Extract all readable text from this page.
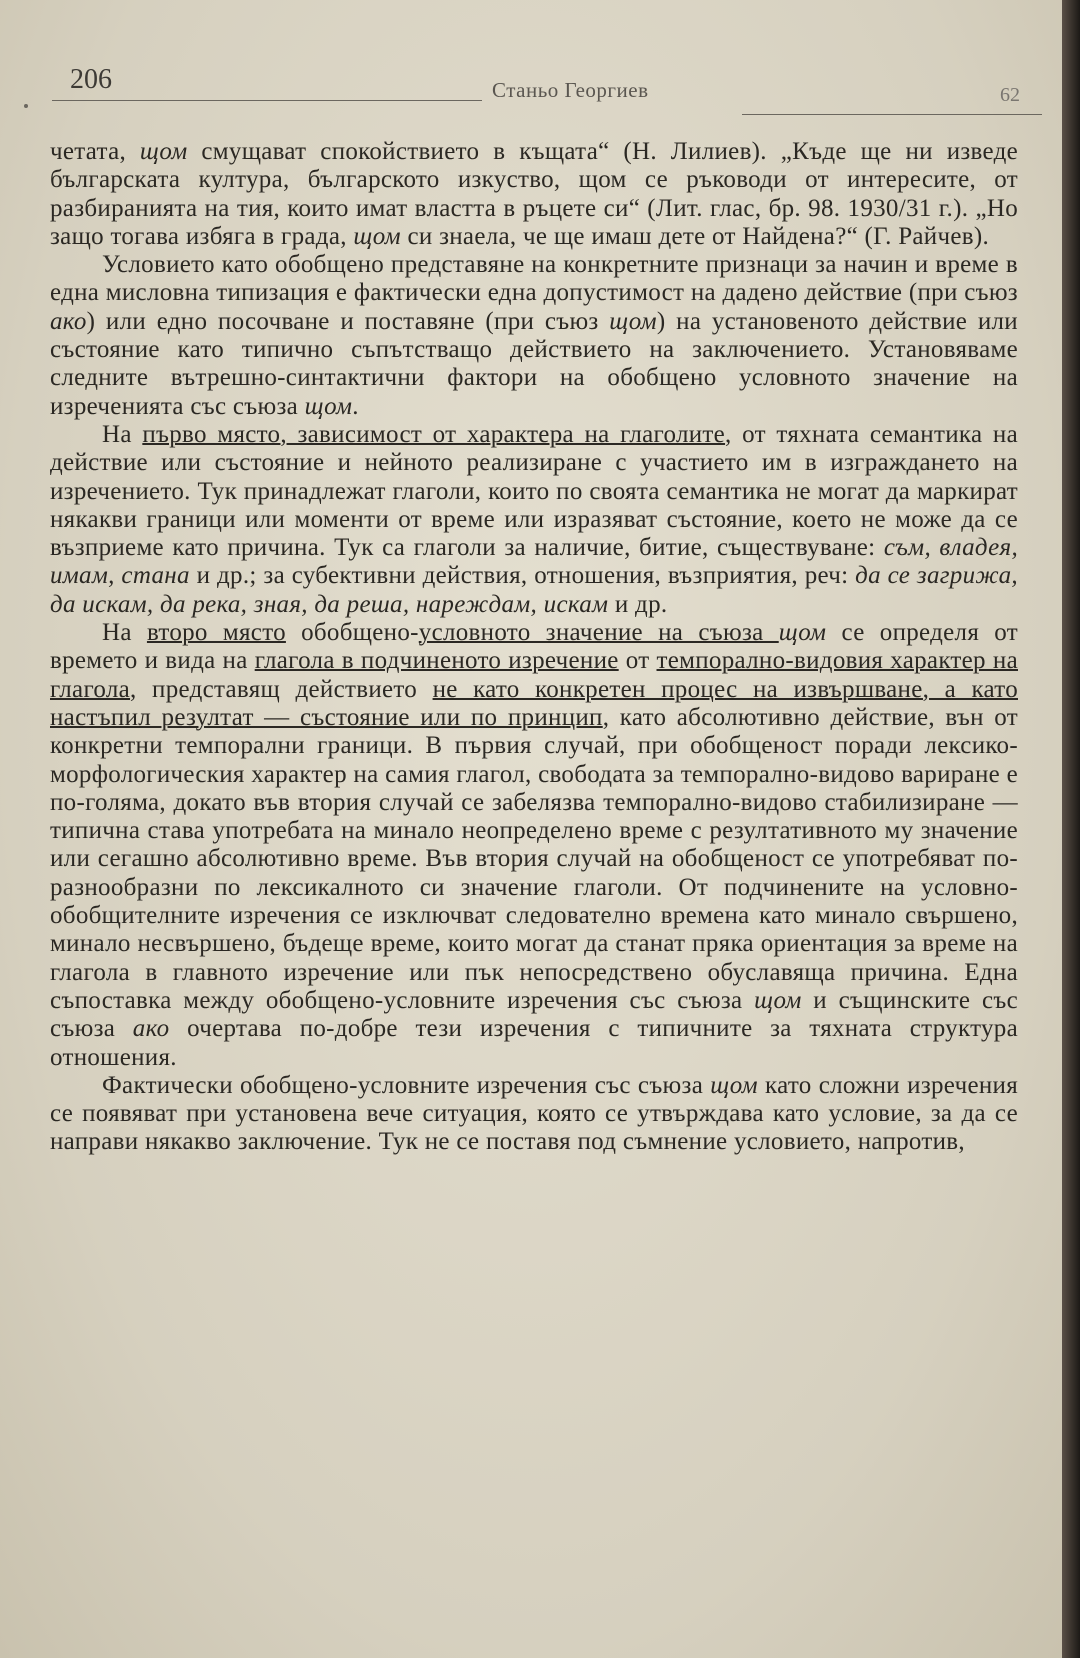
206	Станьо Георгиев	62

четата, щом смущават спокойствието в къщата“ (Н. Лилиев). „Къде ще ни изведе българската култура, българското изкуство, щом се ръководи от интересите, от разбиранията на тия, които имат властта в ръцете си“ (Лит. глас, бр. 98. 1930/31 г.). „Но защо тогава избяга в града, щом си знаела, че ще имаш дете от Найдена?“ (Г. Райчев).

Условието като обобщено представяне на конкретните признаци за начин и време в една мисловна типизация е фактически една допустимост на дадено действие (при съюз ако) или едно посочване и поставяне (при съюз щом) на установеното действие или състояние като типично съпътстващо действието на заключението. Установяваме следните вътрешно-синтактични фактори на обобщено условното значение на изреченията със съюза щом.

На първо място, зависимост от характера на глаголите, от тяхната семантика на действие или състояние и нейното реализиране с участието им в изграждането на изречението. Тук принадлежат глаголи, които по своята семантика не могат да маркират някакви граници или моменти от време или изразяват състояние, което не може да се възприеме като причина. Тук са глаголи за наличие, битие, съществуване: съм, владея, имам, стана и др.; за субективни действия, отношения, възприятия, реч: да се загрижа, да искам, да река, зная, да реша, нареждам, искам и др.

На второ място обобщено-условното значение на съюза щом се определя от времето и вида на глагола в подчиненото изречение от темпорално-видовия характер на глагола, представящ действието не като конкретен процес на извършване, а като настъпил резултат — състояние или по принцип, като абсолютивно действие, вън от конкретни темпорални граници. В първия случай, при обобщеност поради лексико-морфологическия характер на самия глагол, свободата за темпорално-видово вариране е по-голяма, докато във втория случай се забелязва темпорално-видово стабилизиране — типична става употребата на минало неопределено време с резултативното му значение или сегашно абсолютивно време. Във втория случай на обобщеност се употребяват по-разнообразни по лексикалното си значение глаголи. От подчинените на условно-обобщителните изречения се изключват следователно времена като минало свършено, минало несвършено, бъдеще време, които могат да станат пряка ориентация за време на глагола в главното изречение или пък непосредствено обуславяща причина. Една съпоставка между обобщено-условните изречения със съюза щом и същинските със съюза ако очертава по-добре тези изречения с типичните за тяхната структура отношения.

Фактически обобщено-условните изречения със съюза щом като сложни изречения се появяват при установена вече ситуация, която се утвърждава като условие, за да се направи някакво заключение. Тук не се поставя под съмнение условието, напротив,
